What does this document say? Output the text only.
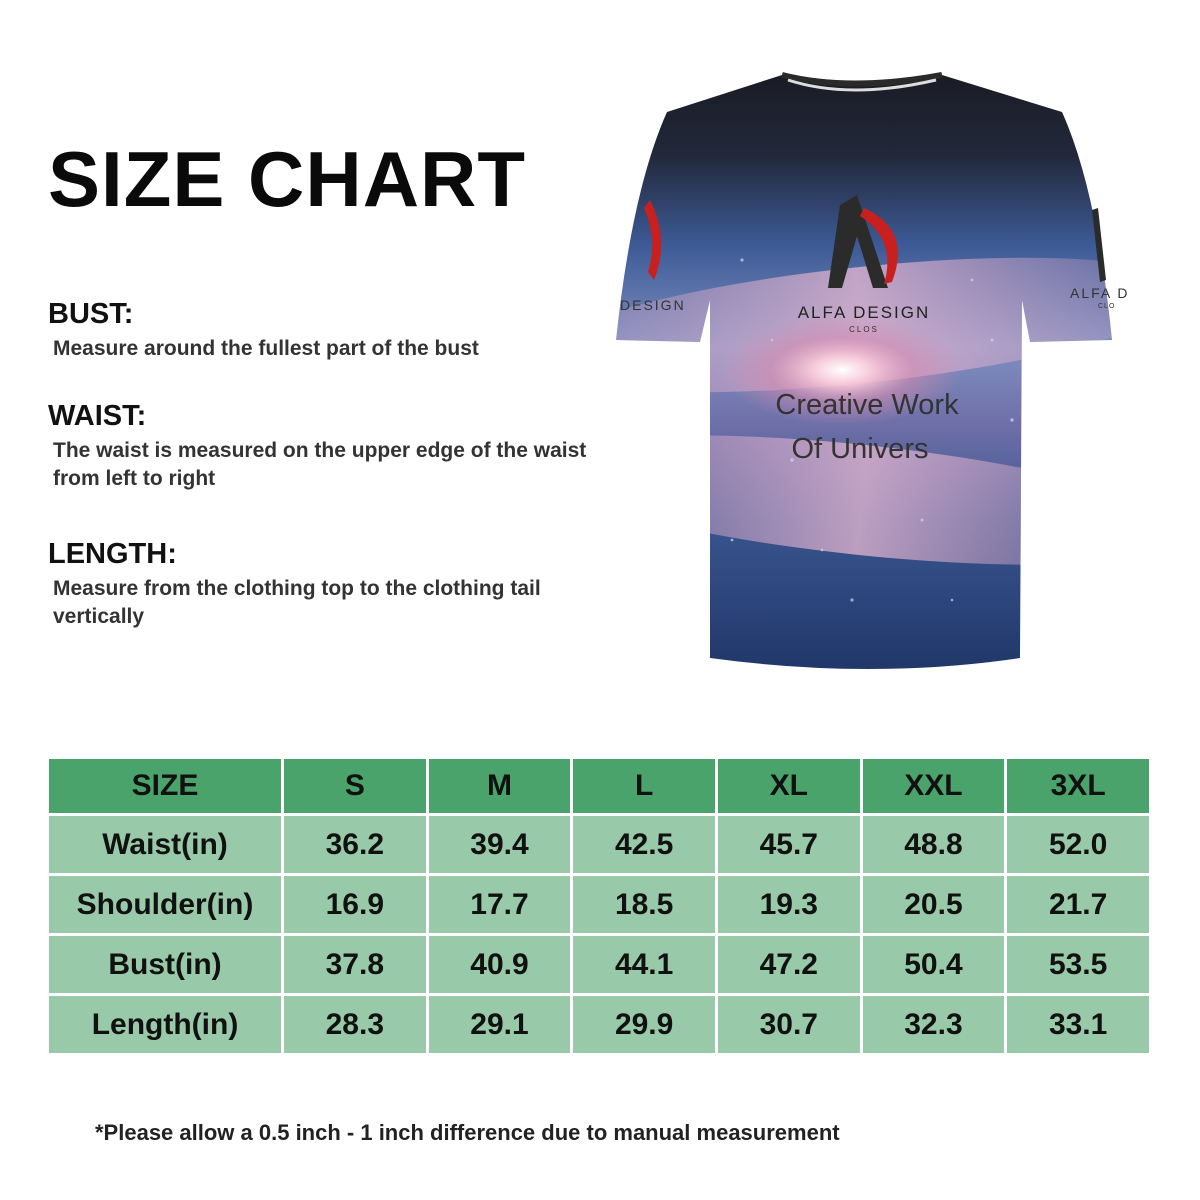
SIZE CHART

BUST:

Measure around the fullest part of the bust

WAIST:

The waist is measured on the upper edge of the waist from left to right

LENGTH:

Measure from the clothing top to the clothing tail vertically

ALFA DESIGN
CLOS
Creative Work
Of Univers
DESIGN
ALFA D
CLO
SIZE	S	M	L	XL	XXL	3XL
Waist(in)	36.2	39.4	42.5	45.7	48.8	52.0
Shoulder(in)	16.9	17.7	18.5	19.3	20.5	21.7
Bust(in)	37.8	40.9	44.1	47.2	50.4	53.5
Length(in)	28.3	29.1	29.9	30.7	32.3	33.1

*Please allow a 0.5 inch - 1 inch difference due to manual measurement
